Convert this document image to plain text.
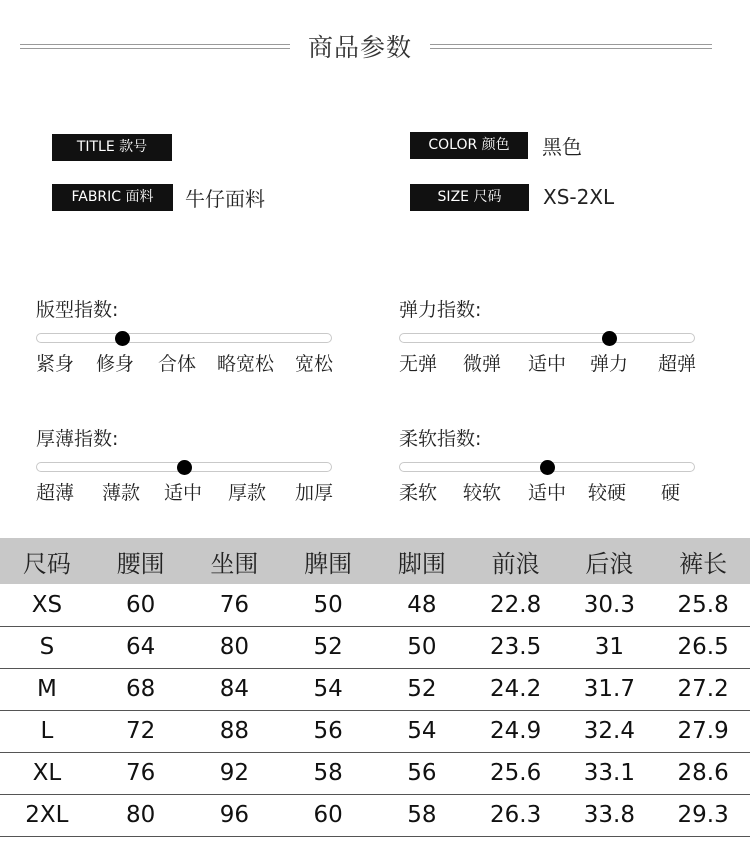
商品参数
TITLE 款号	COLOR 颜色	黑色
FABRIC 面料	牛仔面料	SIZE 尺码	XS-2XL
版型指数:
紧身 修身 合体 略宽松 宽松
弹力指数:
无弹 微弹 适中 弹力 超弹
厚薄指数:
超薄 薄款 适中 厚款 加厚
柔软指数:
柔软 较软 适中 较硬 硬
尺码	腰围	坐围	脾围	脚围	前浪	后浪	裤长
XS	60	76	50	48	22.8	30.3	25.8
S	64	80	52	50	23.5	31	26.5
M	68	84	54	52	24.2	31.7	27.2
L	72	88	56	54	24.9	32.4	27.9
XL	76	92	58	56	25.6	33.1	28.6
2XL	80	96	60	58	26.3	33.8	29.3
